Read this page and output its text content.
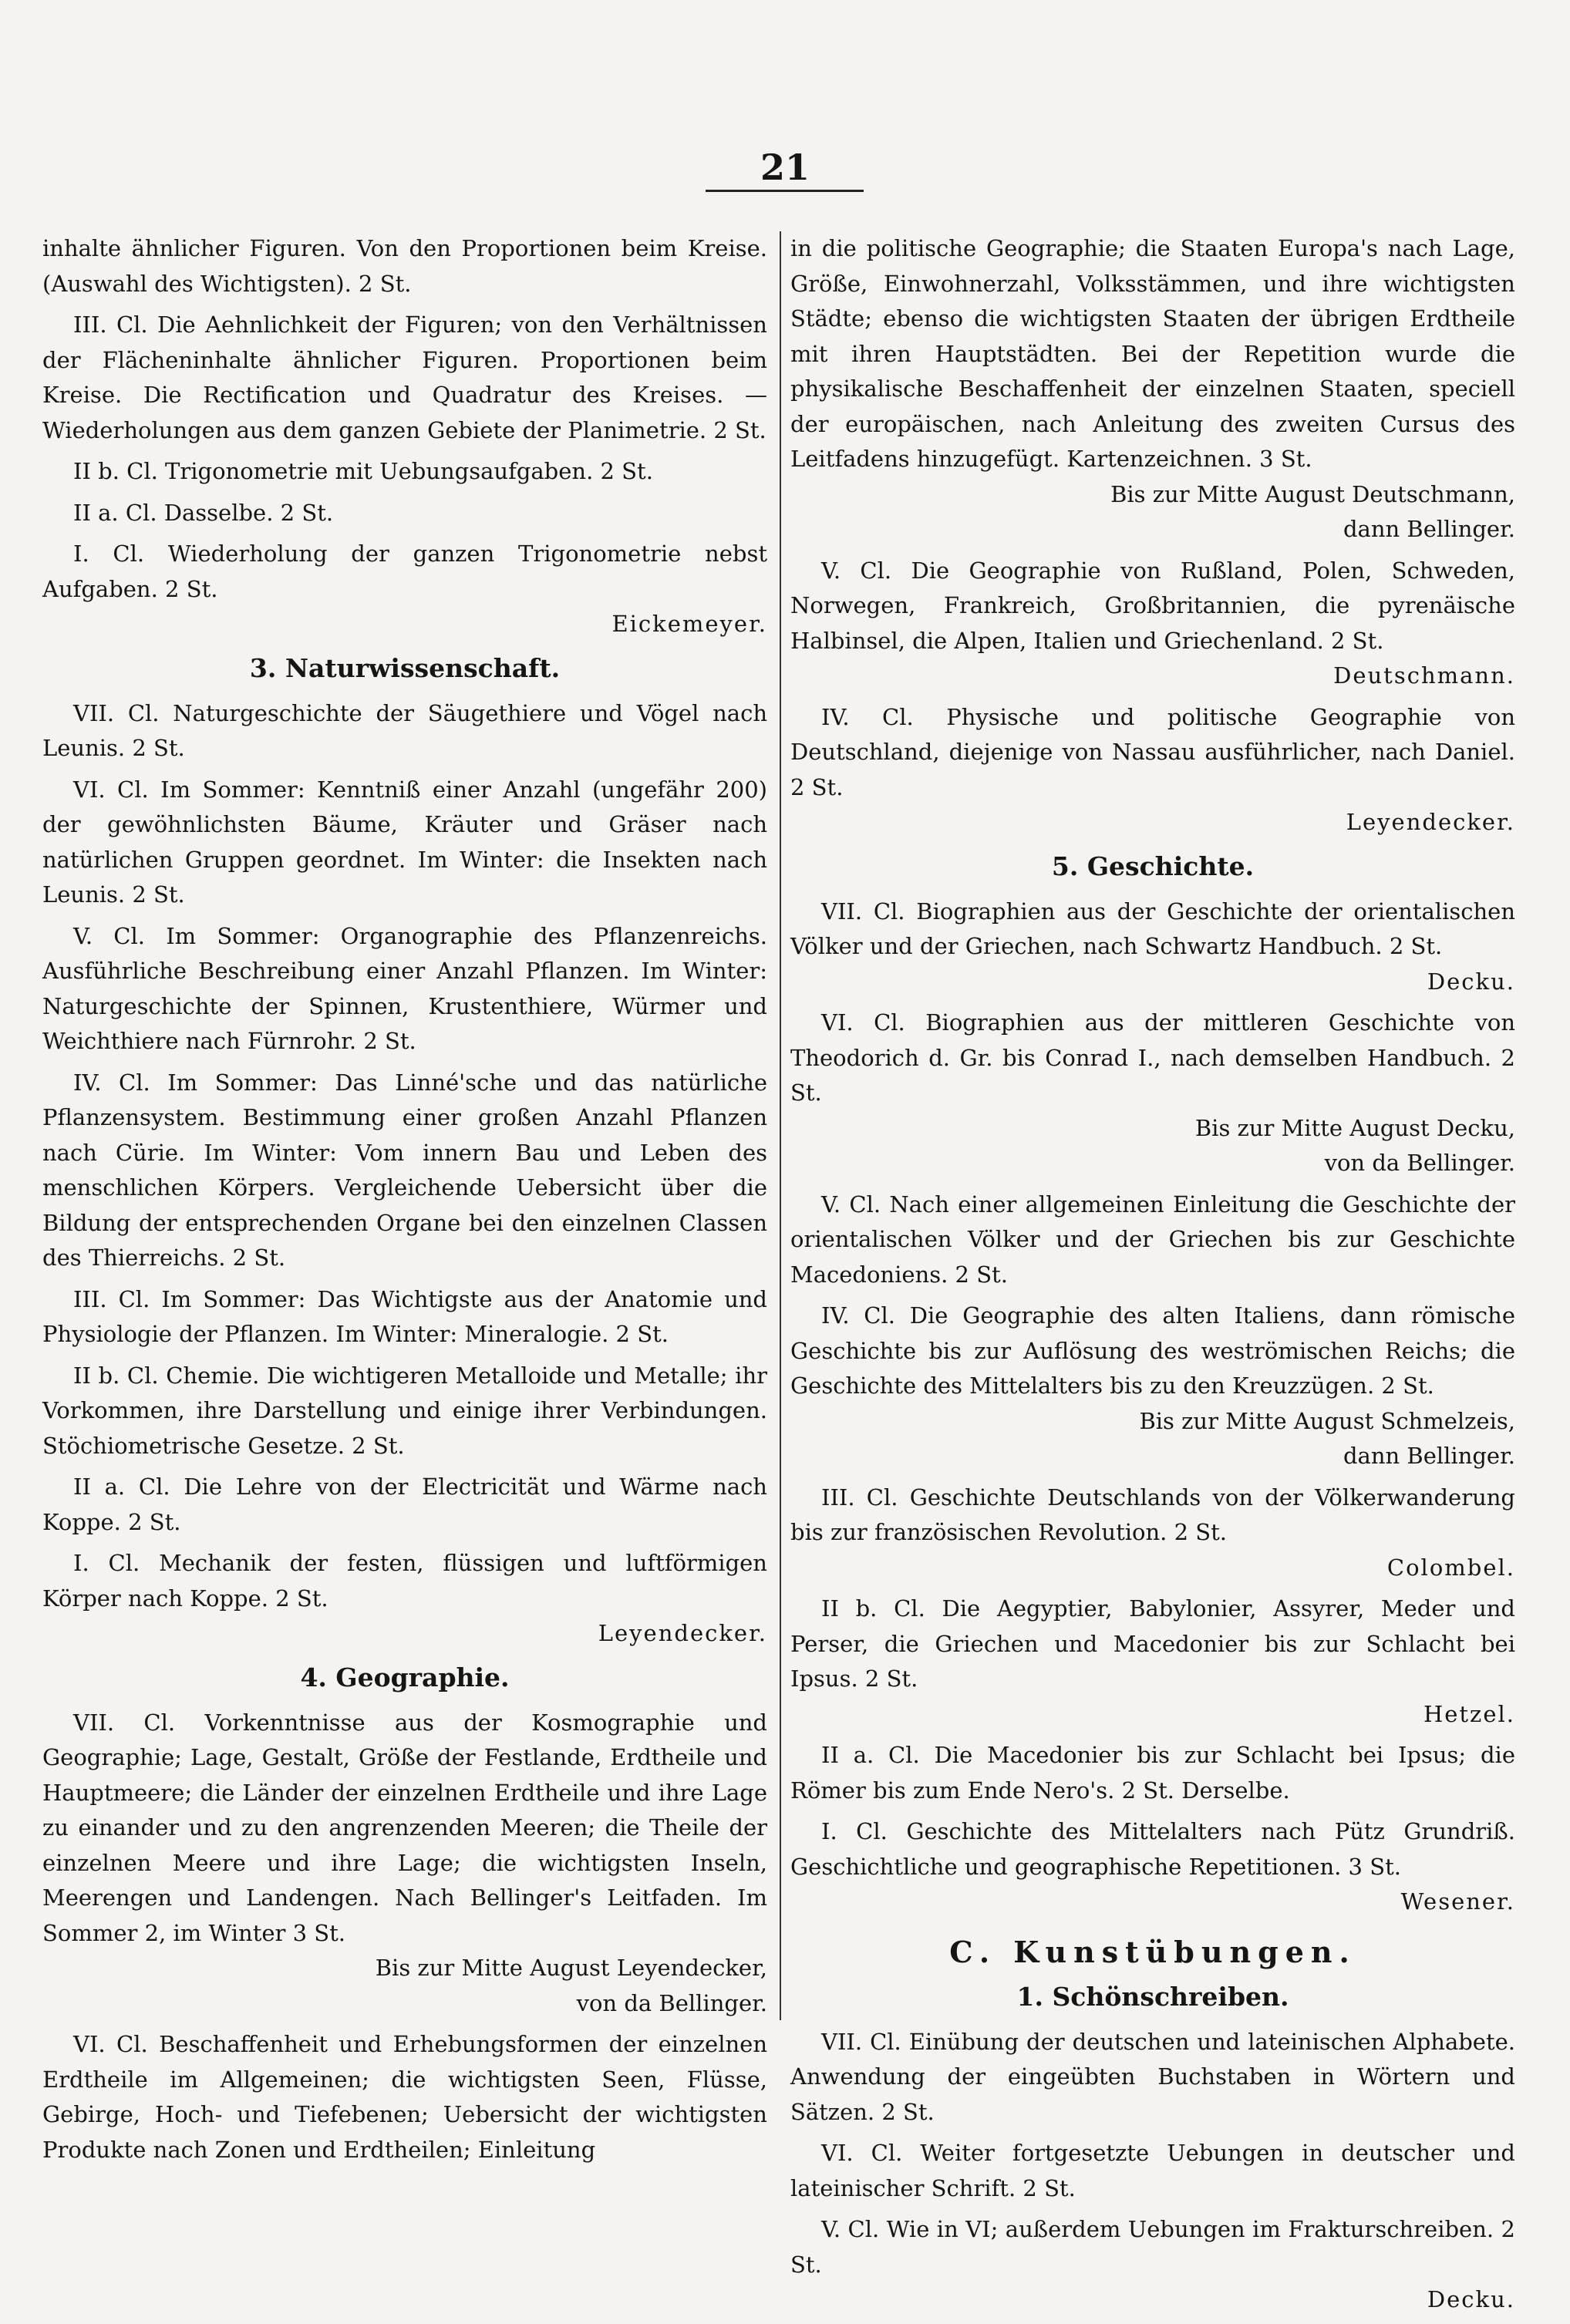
21

inhalte ähnlicher Figuren. Von den Proportionen beim Kreise. (Auswahl des Wichtigsten). 2 St.

III. Cl. Die Aehnlichkeit der Figuren; von den Verhältnissen der Flächeninhalte ähnlicher Figuren. Proportionen beim Kreise. Die Rectification und Quadratur des Kreises. — Wiederholungen aus dem ganzen Gebiete der Planimetrie. 2 St.

II b. Cl. Trigonometrie mit Uebungsaufgaben. 2 St.

II a. Cl. Dasselbe. 2 St.

I. Cl. Wiederholung der ganzen Trigonometrie nebst Aufgaben. 2 St.

Eickemeyer.
3. Naturwissenschaft.

VII. Cl. Naturgeschichte der Säugethiere und Vögel nach Leunis. 2 St.

VI. Cl. Im Sommer: Kenntniß einer Anzahl (ungefähr 200) der gewöhnlichsten Bäume, Kräuter und Gräser nach natürlichen Gruppen geordnet. Im Winter: die Insekten nach Leunis. 2 St.

V. Cl. Im Sommer: Organographie des Pflanzenreichs. Ausführliche Beschreibung einer Anzahl Pflanzen. Im Winter: Naturgeschichte der Spinnen, Krustenthiere, Würmer und Weichthiere nach Fürnrohr. 2 St.

IV. Cl. Im Sommer: Das Linné'sche und das natürliche Pflanzensystem. Bestimmung einer großen Anzahl Pflanzen nach Cürie. Im Winter: Vom innern Bau und Leben des menschlichen Körpers. Vergleichende Uebersicht über die Bildung der entsprechenden Organe bei den einzelnen Classen des Thierreichs. 2 St.

III. Cl. Im Sommer: Das Wichtigste aus der Anatomie und Physiologie der Pflanzen. Im Winter: Mineralogie. 2 St.

II b. Cl. Chemie. Die wichtigeren Metalloide und Metalle; ihr Vorkommen, ihre Darstellung und einige ihrer Verbindungen. Stöchiometrische Gesetze. 2 St.

II a. Cl. Die Lehre von der Electricität und Wärme nach Koppe. 2 St.

I. Cl. Mechanik der festen, flüssigen und luftförmigen Körper nach Koppe. 2 St.

Leyendecker.
4. Geographie.

VII. Cl. Vorkenntnisse aus der Kosmographie und Geographie; Lage, Gestalt, Größe der Festlande, Erdtheile und Hauptmeere; die Länder der einzelnen Erdtheile und ihre Lage zu einander und zu den angrenzenden Meeren; die Theile der einzelnen Meere und ihre Lage; die wichtigsten Inseln, Meerengen und Landengen. Nach Bellinger's Leitfaden. Im Sommer 2, im Winter 3 St.

Bis zur Mitte August Leyendecker,
von da Bellinger.

VI. Cl. Beschaffenheit und Erhebungsformen der einzelnen Erdtheile im Allgemeinen; die wichtigsten Seen, Flüsse, Gebirge, Hoch- und Tiefebenen; Uebersicht der wichtigsten Produkte nach Zonen und Erdtheilen; Einleitung

in die politische Geographie; die Staaten Europa's nach Lage, Größe, Einwohnerzahl, Volksstämmen, und ihre wichtigsten Städte; ebenso die wichtigsten Staaten der übrigen Erdtheile mit ihren Hauptstädten. Bei der Repetition wurde die physikalische Beschaffenheit der einzelnen Staaten, speciell der europäischen, nach Anleitung des zweiten Cursus des Leitfadens hinzugefügt. Kartenzeichnen. 3 St.

Bis zur Mitte August Deutschmann,
dann Bellinger.

V. Cl. Die Geographie von Rußland, Polen, Schweden, Norwegen, Frankreich, Großbritannien, die pyrenäische Halbinsel, die Alpen, Italien und Griechenland. 2 St.

Deutschmann.

IV. Cl. Physische und politische Geographie von Deutschland, diejenige von Nassau ausführlicher, nach Daniel. 2 St.

Leyendecker.
5. Geschichte.

VII. Cl. Biographien aus der Geschichte der orientalischen Völker und der Griechen, nach Schwartz Handbuch. 2 St.

Decku.

VI. Cl. Biographien aus der mittleren Geschichte von Theodorich d. Gr. bis Conrad I., nach demselben Handbuch. 2 St.

Bis zur Mitte August Decku,
von da Bellinger.

V. Cl. Nach einer allgemeinen Einleitung die Geschichte der orientalischen Völker und der Griechen bis zur Geschichte Macedoniens. 2 St.

IV. Cl. Die Geographie des alten Italiens, dann römische Geschichte bis zur Auflösung des weströmischen Reichs; die Geschichte des Mittelalters bis zu den Kreuzzügen. 2 St.

Bis zur Mitte August Schmelzeis,
dann Bellinger.

III. Cl. Geschichte Deutschlands von der Völkerwanderung bis zur französischen Revolution. 2 St.

Colombel.

II b. Cl. Die Aegyptier, Babylonier, Assyrer, Meder und Perser, die Griechen und Macedonier bis zur Schlacht bei Ipsus. 2 St.

Hetzel.

II a. Cl. Die Macedonier bis zur Schlacht bei Ipsus; die Römer bis zum Ende Nero's. 2 St. Derselbe.

I. Cl. Geschichte des Mittelalters nach Pütz Grundriß. Geschichtliche und geographische Repetitionen. 3 St.

Wesener.
C. Kunstübungen.
1. Schönschreiben.

VII. Cl. Einübung der deutschen und lateinischen Alphabete. Anwendung der eingeübten Buchstaben in Wörtern und Sätzen. 2 St.

VI. Cl. Weiter fortgesetzte Uebungen in deutscher und lateinischer Schrift. 2 St.

V. Cl. Wie in VI; außerdem Uebungen im Frakturschreiben. 2 St.

Decku.
